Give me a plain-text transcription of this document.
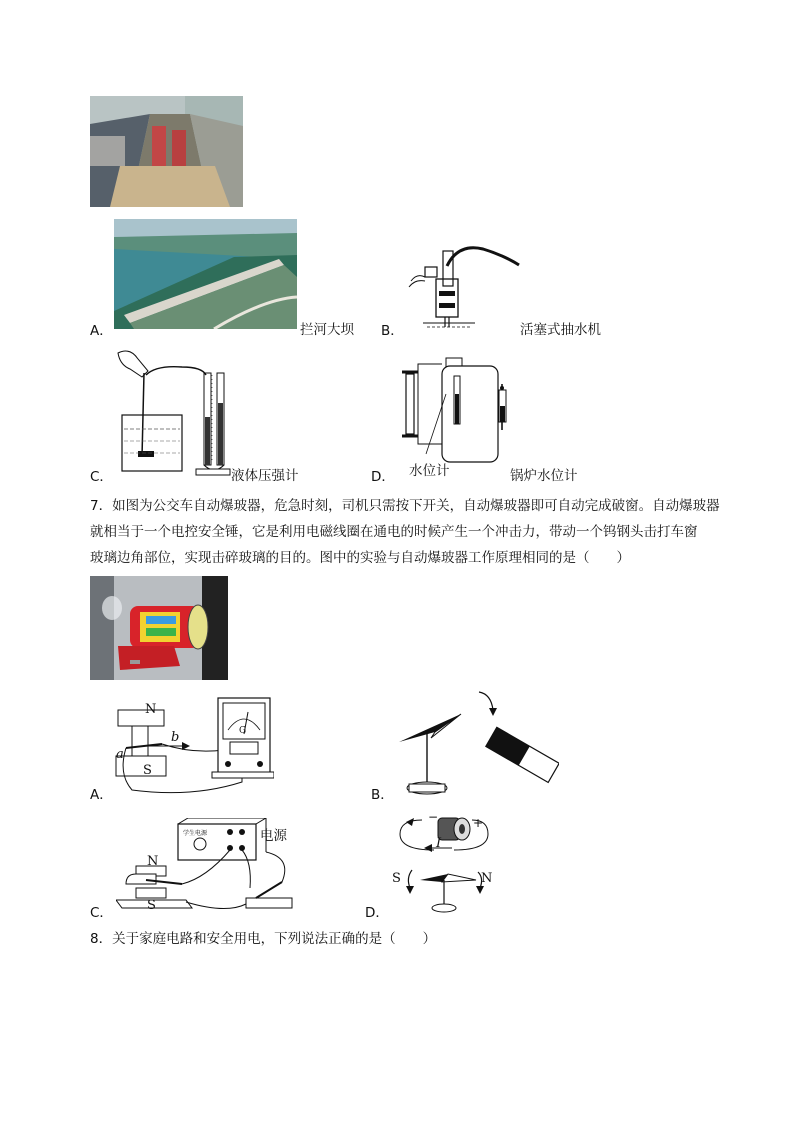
A．	拦河大坝 B．	活塞式抽水机
C．	液体压强计	水位计
D．	锅炉水位计
7．如图为公交车自动爆玻器，危急时刻，司机只需按下开关，自动爆玻器即可自动完成破窗。自动爆玻器
就相当于一个电控安全锤，它是利用电磁线圈在通电的时候产生一个冲击力，带动一个钨钢头击打车窗
玻璃边角部位，实现击碎玻璃的目的。图中的实验与自动爆玻器工作原理相同的是（　　）
N
b
a
S
G
A．	B．
学生电源	电源
N
S
C．
−	+
I
S	N
D．
8．关于家庭电路和安全用电，下列说法正确的是（　　）
